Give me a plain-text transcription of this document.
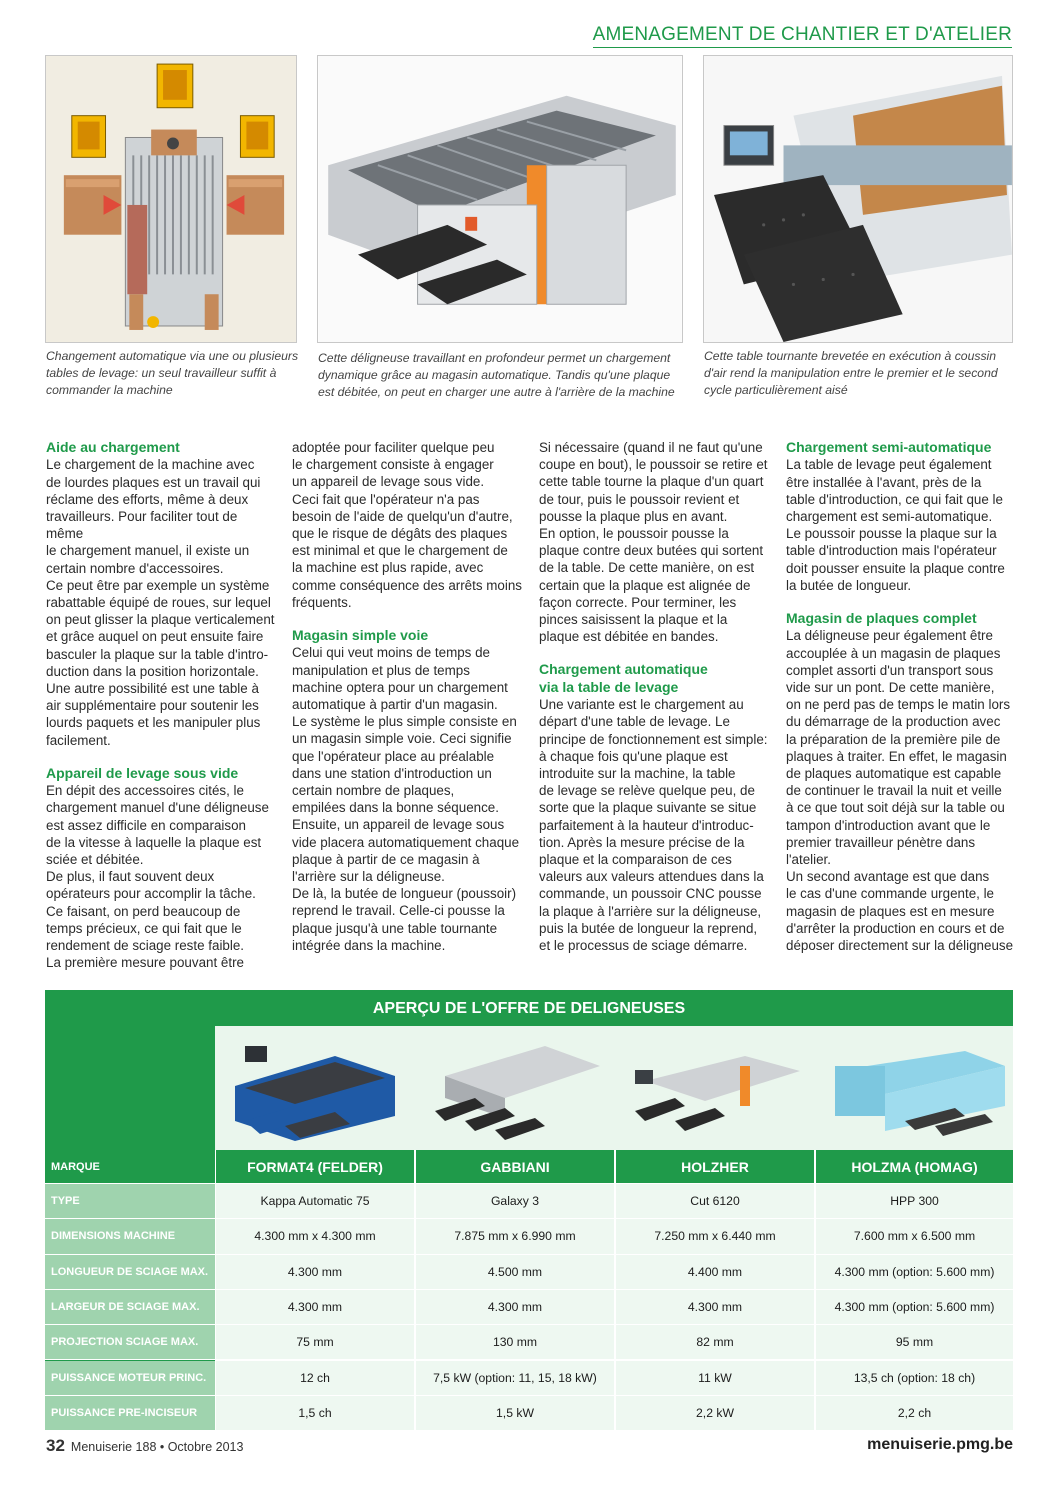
AMENAGEMENT DE CHANTIER ET D'ATELIER
Changement automatique via une ou plusieurs tables de levage: un seul travailleur suffit à commander la machine
Cette déligneuse travaillant en profondeur permet un chargement dynamique grâce au magasin automatique. Tandis qu'une plaque est débitée, on peut en charger une autre à l'arrière de la machine
Cette table tournante brevetée en exécution à coussin d'air rend la manipulation entre le premier et le second cycle particulièrement aisé
Aide au chargement

Le chargement de la machine avec
de lourdes plaques est un travail qui
réclame des efforts, même à deux
travailleurs. Pour faciliter tout de même
le chargement manuel, il existe un
certain nombre d'accessoires.
Ce peut être par exemple un système
rabattable équipé de roues, sur lequel
on peut glisser la plaque verticalement
et grâce auquel on peut ensuite faire
basculer la plaque sur la table d'intro-
duction dans la position horizontale.
Une autre possibilité est une table à
air supplémentaire pour soutenir les
lourds paquets et les manipuler plus
facilement.

Appareil de levage sous vide

En dépit des accessoires cités, le
chargement manuel d'une déligneuse
est assez difficile en comparaison
de la vitesse à laquelle la plaque est
sciée et débitée.
De plus, il faut souvent deux
opérateurs pour accomplir la tâche.
Ce faisant, on perd beaucoup de
temps précieux, ce qui fait que le
rendement de sciage reste faible.
La première mesure pouvant être

adoptée pour faciliter quelque peu
le chargement consiste à engager
un appareil de levage sous vide.
Ceci fait que l'opérateur n'a pas
besoin de l'aide de quelqu'un d'autre,
que le risque de dégâts des plaques
est minimal et que le chargement de
la machine est plus rapide, avec
comme conséquence des arrêts moins
fréquents.

Magasin simple voie

Celui qui veut moins de temps de
manipulation et plus de temps
machine optera pour un chargement
automatique à partir d'un magasin.
Le système le plus simple consiste en
un magasin simple voie. Ceci signifie
que l'opérateur place au préalable
dans une station d'introduction un
certain nombre de plaques,
empilées dans la bonne séquence.
Ensuite, un appareil de levage sous
vide placera automatiquement chaque
plaque à partir de ce magasin à
l'arrière sur la déligneuse.
De là, la butée de longueur (poussoir)
reprend le travail. Celle-ci pousse la
plaque jusqu'à une table tournante
intégrée dans la machine.

Si nécessaire (quand il ne faut qu'une
coupe en bout), le poussoir se retire et
cette table tourne la plaque d'un quart
de tour, puis le poussoir revient et
pousse la plaque plus en avant.
En option, le poussoir pousse la
plaque contre deux butées qui sortent
de la table. De cette manière, on est
certain que la plaque est alignée de
façon correcte. Pour terminer, les
pinces saisissent la plaque et la
plaque est débitée en bandes.

Chargement automatique
via la table de levage

Une variante est le chargement au
départ d'une table de levage. Le
principe de fonctionnement est simple:
à chaque fois qu'une plaque est
introduite sur la machine, la table
de levage se relève quelque peu, de
sorte que la plaque suivante se situe
parfaitement à la hauteur d'introduc-
tion. Après la mesure précise de la
plaque et la comparaison de ces
valeurs aux valeurs attendues dans la
commande, un poussoir CNC pousse
la plaque à l'arrière sur la déligneuse,
puis la butée de longueur la reprend,
et le processus de sciage démarre.

Chargement semi-automatique

La table de levage peut également
être installée à l'avant, près de la
table d'introduction, ce qui fait que le
chargement est semi-automatique.
Le poussoir pousse la plaque sur la
table d'introduction mais l'opérateur
doit pousser ensuite la plaque contre
la butée de longueur.

Magasin de plaques complet

La déligneuse peur également être
accouplée à un magasin de plaques
complet assorti d'un transport sous
vide sur un pont. De cette manière,
on ne perd pas de temps le matin lors
du démarrage de la production avec
la préparation de la première pile de
plaques à traiter. En effet, le magasin
de plaques automatique est capable
de continuer le travail la nuit et veille
à ce que tout soit déjà sur la table ou
tampon d'introduction avant que le
premier travailleur pénètre dans
l'atelier.
Un second avantage est que dans
le cas d'une commande urgente, le
magasin de plaques est en mesure
d'arrêter la production en cours et de
déposer directement sur la déligneuse

APERÇU DE L'OFFRE DE DELIGNEUSES
MARQUE	FORMAT4 (FELDER)	GABBIANI	HOLZHER	HOLZMA (HOMAG)
TYPE	Kappa Automatic 75	Galaxy 3	Cut 6120	HPP 300
DIMENSIONS MACHINE	4.300 mm x 4.300 mm	7.875 mm x 6.990 mm	7.250 mm x 6.440 mm	7.600 mm x 6.500 mm
LONGUEUR DE SCIAGE MAX.	4.300 mm	4.500 mm	4.400 mm	4.300 mm (option: 5.600 mm)
LARGEUR DE SCIAGE MAX.	4.300 mm	4.300 mm	4.300 mm	4.300 mm (option: 5.600 mm)
PROJECTION SCIAGE MAX.	75 mm	130 mm	82 mm	95 mm
PUISSANCE MOTEUR PRINC.	12 ch	7,5 kW (option: 11, 15, 18 kW)	11 kW	13,5 ch (option: 18 ch)
PUISSANCE PRE-INCISEUR	1,5 ch	1,5 kW	2,2 kW	2,2 ch
32 Menuiserie 188 • Octobre 2013	menuiserie.pmg.be
